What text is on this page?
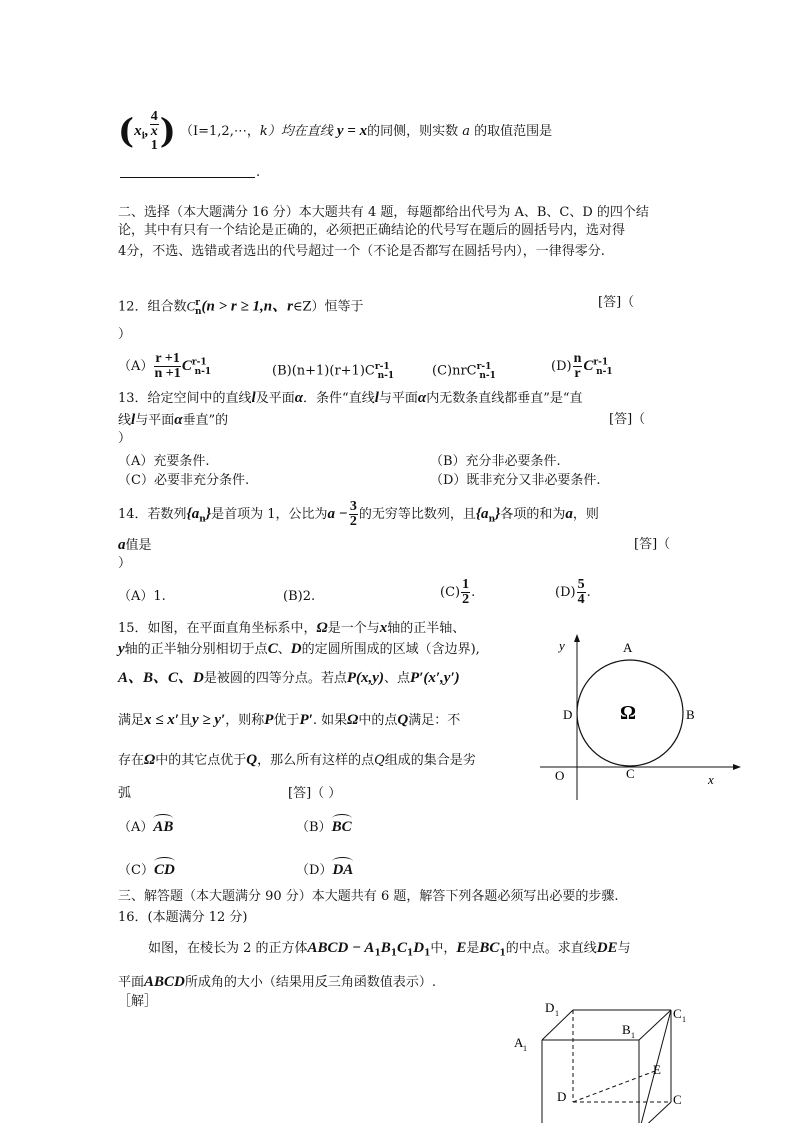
($x_i$, 4
x
1 ) （I=1,2,⋯，k）均在直线 y = x的同侧，则实数 a 的取值范围是
.
二、选择（本大题满分 16 分）本大题共有 4 题，每题都给出代号为 A、B、C、D 的四个结
论，其中有只有一个结论是正确的，必须把正确结论的代号写在题后的圆括号内，选对得
4分，不选、选错或者选出的代号超过一个（不论是否都写在圆括号内），一律得零分.
12．组合数$C^r_n(n > r \ge 1,n$、r∈Z）恒等于	[答]（
）
$(A) \frac{r +1}{n +1} C^{r-1}_{n-1}$	$(B)(n+1)(r+1)C^{r-1}_{n-1}$	(C)nrC$^{r-1}_{n-1}$
$(D) \frac{n}{r} C^{r-1}_{n-1}$
13．给定空间中的直线l及平面α．条件“直线l与平面α内无数条直线都垂直”是“直
线l与平面α垂直”的	[答]（
）
（A）充要条件.	（B）充分非必要条件.
（C）必要非充分条件.	（D）既非充分又非必要条件.
14．若数列$\{a_n\}$是首项为 1，公比为$a - \frac{3}{2}$ 的无穷等比数列，且$\{a_n\}$各项的和为a，则
a值是	[答]（
）
（A）1.	(B)2.	$(C) \frac{1}{2}$ .	$(D) \frac{5}{4}$ .
15．如图，在平面直角坐标系中，Ω是一个与x轴的正半轴、
y轴的正半轴分别相切于点C、D的定圆所围成的区域（含边界),
A、B、C、D是被圆的四等分点。若点P(x,y)、点P′(x′,y′)
满足x ≤ x′且y ≥ y′，则称P优于P′. 如果Ω中的点Q满足：不
存在Ω中的其它点优于Q，那么所有这样的点Q组成的集合是劣
弧	[答]（ ）
（A）AB	（B）BC
（C）CD	（D）DA
y	A
B
C
D
O	x
Ω
三、解答题（本大题满分 90 分）本大题共有 6 题，解答下列各题必须写出必要的步骤.
16．(本题满分 12 分)
如图，在棱长为 2 的正方体ABCD − $A_1B_1C_1D_1$中，E是$BC_1$的中点。求直线DE与
平面ABCD所成角的大小（结果用反三角函数值表示）.
［解］	D 1	C 1
B 1
A 1
E
D	C
